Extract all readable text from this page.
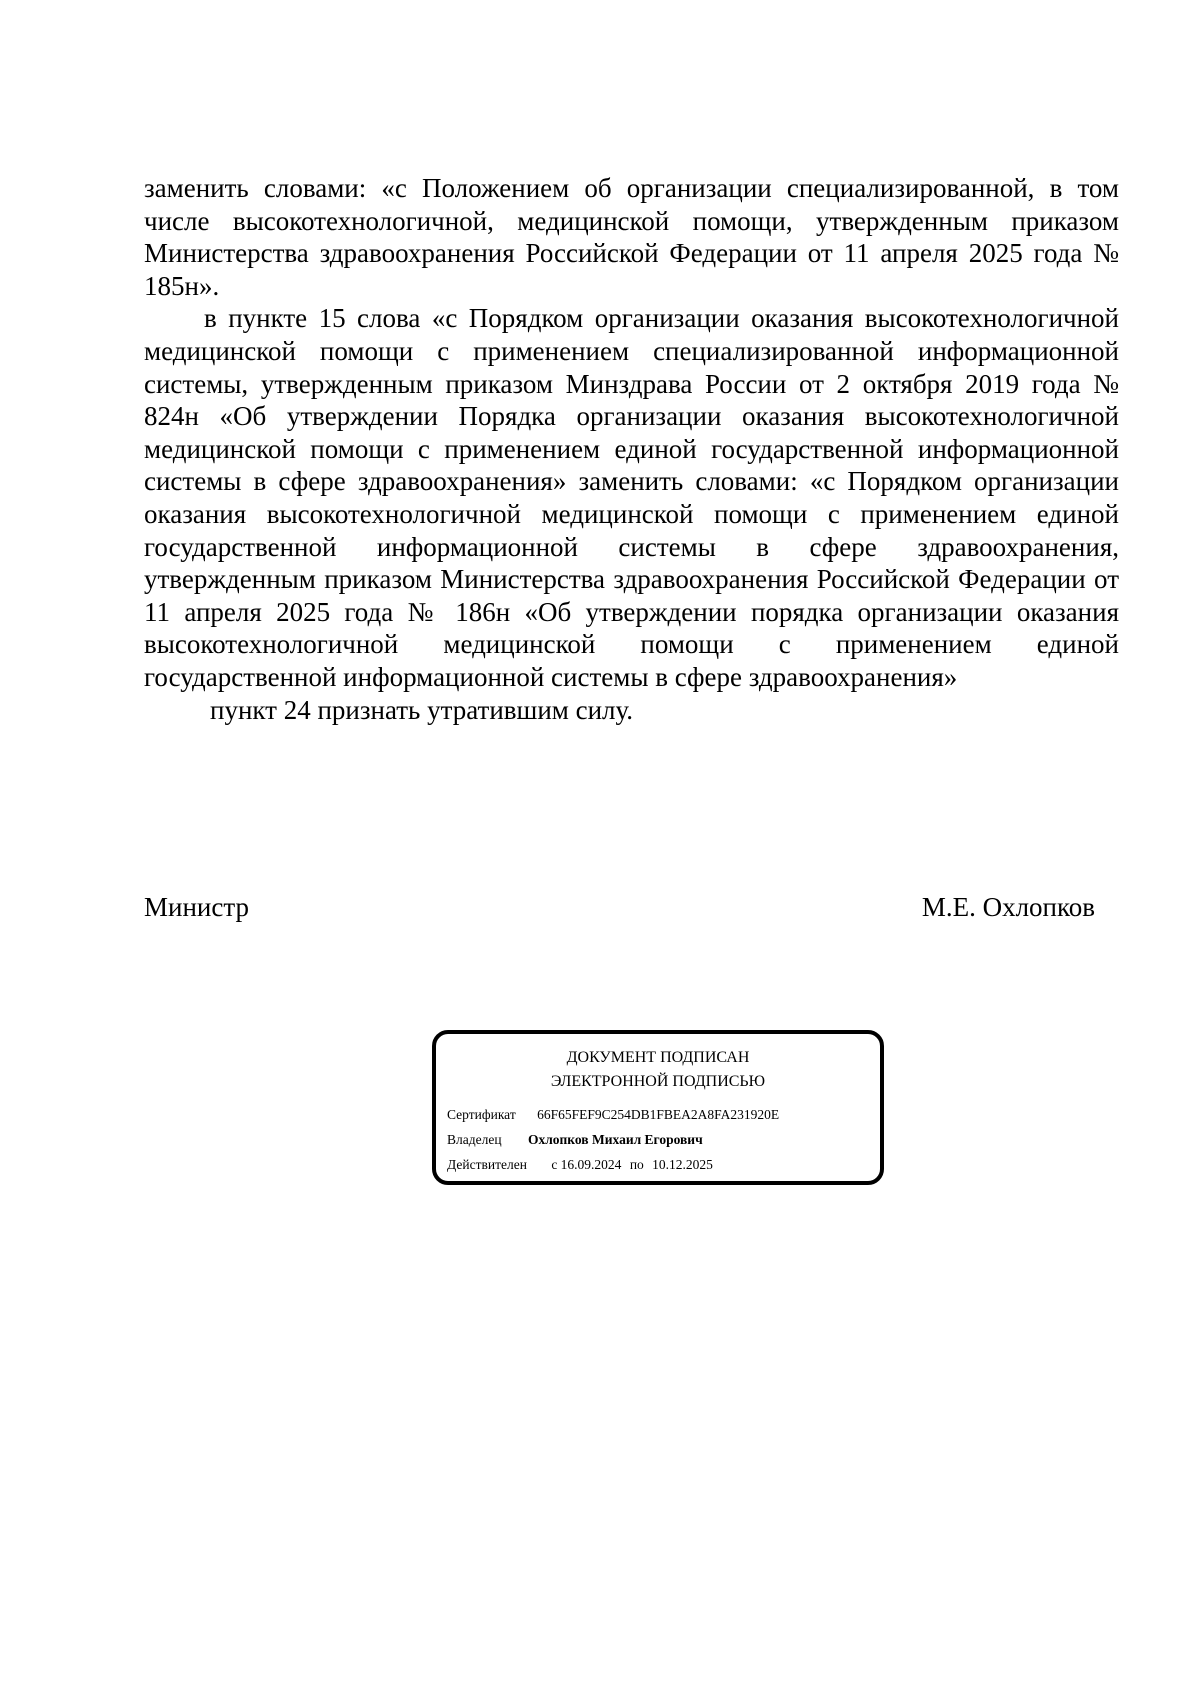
заменить словами: «с Положением об организации специализированной, в том числе высокотехнологичной, медицинской помощи, утвержденным приказом Министерства здравоохранения Российской Федерации от 11 апреля 2025 года № 185н».

в пункте 15 слова «с Порядком организации оказания высокотехнологичной медицинской помощи с применением специализированной информационной системы, утвержденным приказом Минздрава России от 2 октября 2019 года № 824н «Об утверждении Порядка организации оказания высокотехнологичной медицинской помощи с применением единой государственной информационной системы в сфере здравоохранения» заменить словами: «с Порядком организации оказания высокотехнологичной медицинской помощи с применением единой государственной информационной системы в сфере здравоохранения, утвержденным приказом Министерства здравоохранения Российской Федерации от 11 апреля 2025 года № 186н «Об утверждении порядка организации оказания высокотехнологичной медицинской помощи с применением единой государственной информационной системы в сфере здравоохранения»

пункт 24 признать утратившим силу.

Министр	М.Е. Охлопков
ДОКУМЕНТ ПОДПИСАН
ЭЛЕКТРОННОЙ ПОДПИСЬЮ
Сертификат 66F65FEF9C254DB1FBEA2A8FA231920E
Владелец Охлопков Михаил Егорович
Действителен с 16.09.2024 по 10.12.2025
